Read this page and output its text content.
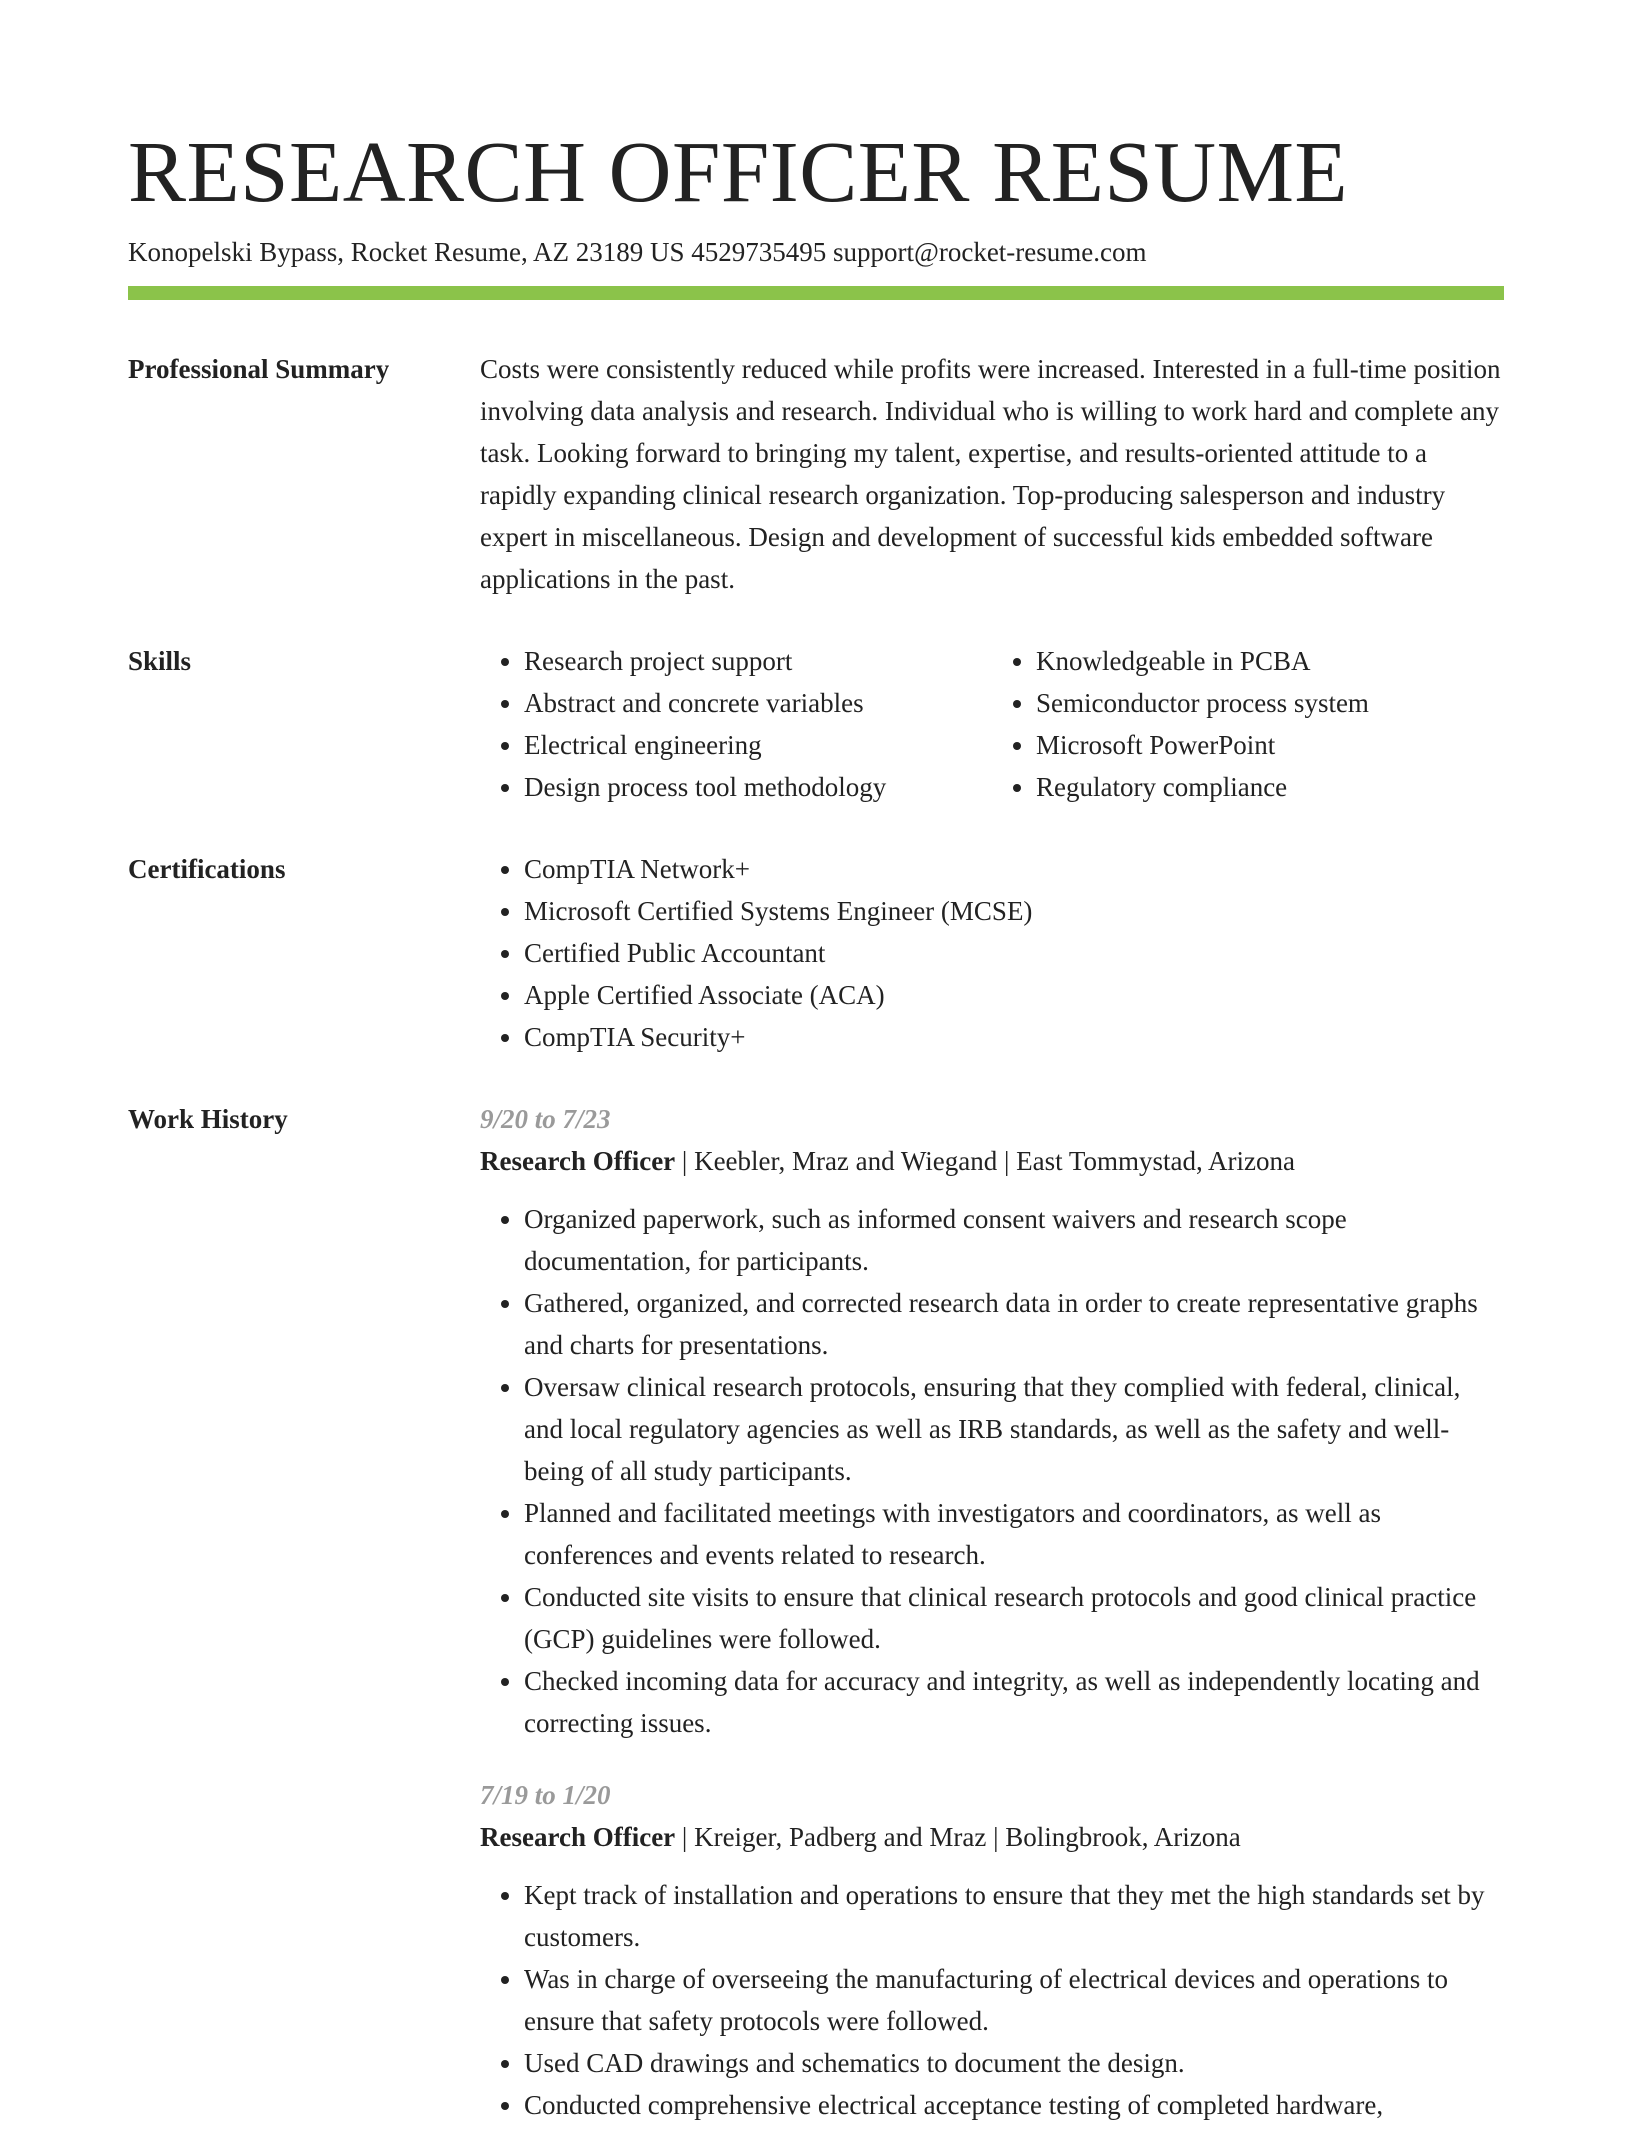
RESEARCH OFFICER RESUME
Konopelski Bypass, Rocket Resume, AZ 23189 US 4529735495 support@rocket-resume.com
Professional Summary	Costs were consistently reduced while profits were increased. Interested in a full-time position involving data analysis and research. Individual who is willing to work hard and complete any task. Looking forward to bringing my talent, expertise, and results-oriented attitude to a rapidly expanding clinical research organization. Top-producing salesperson and industry expert in miscellaneous. Design and development of successful kids embedded software applications in the past.

Skills	• Research project support
• Abstract and concrete variables
• Electrical engineering
• Design process tool methodology
• Knowledgeable in PCBA
• Semiconductor process system
• Microsoft PowerPoint
• Regulatory compliance
Certifications	• CompTIA Network+
• Microsoft Certified Systems Engineer (MCSE)
• Certified Public Accountant
• Apple Certified Associate (ACA)
• CompTIA Security+
Work History	9/20 to 7/23
Research Officer | Keebler, Mraz and Wiegand | East Tommystad, Arizona
• Organized paperwork, such as informed consent waivers and research scope documentation, for participants.
• Gathered, organized, and corrected research data in order to create representative graphs and charts for presentations.
• Oversaw clinical research protocols, ensuring that they complied with federal, clinical, and local regulatory agencies as well as IRB standards, as well as the safety and well-being of all study participants.
• Planned and facilitated meetings with investigators and coordinators, as well as conferences and events related to research.
• Conducted site visits to ensure that clinical research protocols and good clinical practice (GCP) guidelines were followed.
• Checked incoming data for accuracy and integrity, as well as independently locating and correcting issues.
7/19 to 1/20
Research Officer | Kreiger, Padberg and Mraz | Bolingbrook, Arizona
• Kept track of installation and operations to ensure that they met the high standards set by customers.
• Was in charge of overseeing the manufacturing of electrical devices and operations to ensure that safety protocols were followed.
• Used CAD drawings and schematics to document the design.
• Conducted comprehensive electrical acceptance testing of completed hardware,
